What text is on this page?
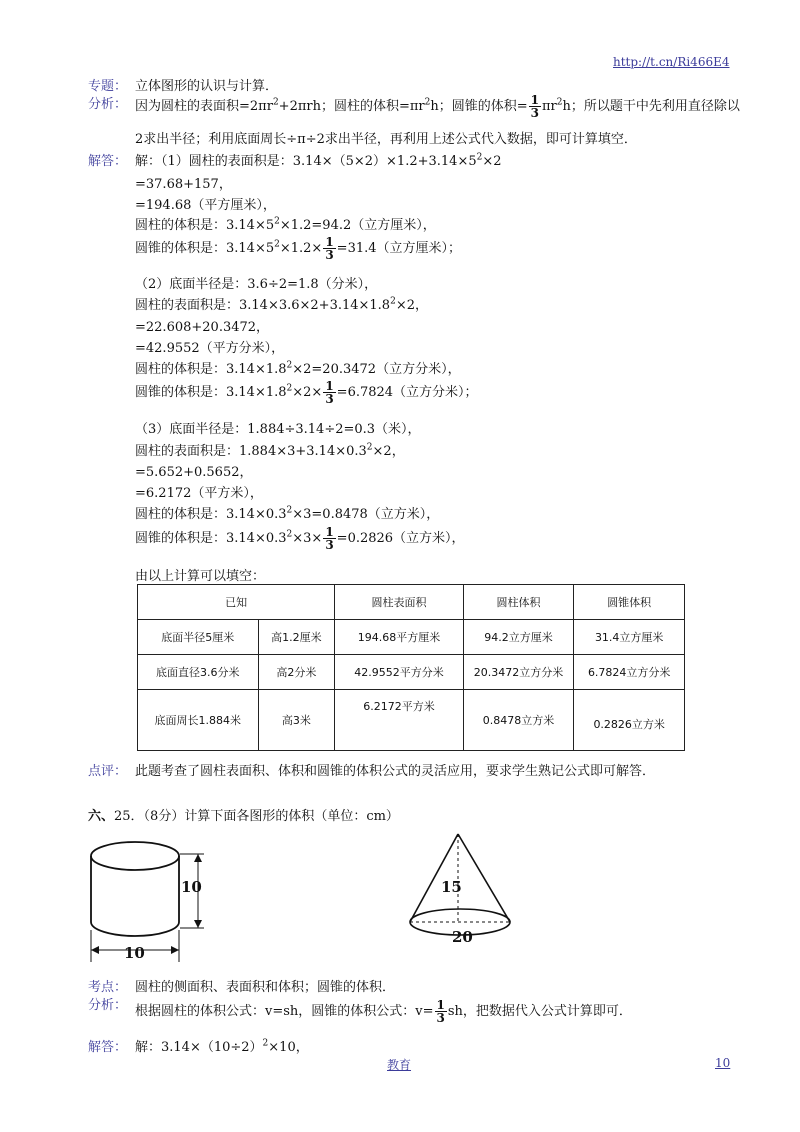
http://t.cn/Ri466E4
专题： 立体图形的认识与计算．
分析： 因为圆柱的表面积$=2\pi r^2+2\pi rh$；圆柱的体积$=\pi r^2h$；圆锥的体积= $\frac{1}{3} \pi r^2h$；所以题干中先利用直径除以
2求出半径；利用底面周长÷π÷2求出半径，再利用上述公式代入数据，即可计算填空．
解答： 解：（1）圆柱的表面积是：$3.14\times(5\times 2)\times 1.2+3.14\times 5^2\times 2$
=37.68+157，
=194.68（平方厘米），
圆柱的体积是：$3.14\times 5^2\times 1.2=94.2$（立方厘米），
圆锥的体积是：$3.14\times 5^2\times 1.2\times \frac{1}{3} =31.4$（立方厘米）；
（2）底面半径是：3.6÷2=1.8（分米），
圆柱的表面积是：$3.14\times 3.6\times 2+3.14\times 1.8^2\times 2$，
=22.608+20.3472，
=42.9552（平方分米），
圆柱的体积是：$3.14\times 1.8^2\times 2=20.3472$（立方分米），
圆锥的体积是：$3.14\times 1.8^2\times 2\times \frac{1}{3} =6.7824$（立方分米）；
（3）底面半径是：1.884÷3.14÷2=0.3（米），
圆柱的表面积是：$1.884\times 3+3.14\times 0.3^2\times 2$，
=5.652+0.5652，
=6.2172（平方米），
圆柱的体积是：$3.14\times 0.3^2\times 3=0.8478$（立方米），
圆锥的体积是：$3.14\times 0.3^2\times 3\times \frac{1}{3} =0.2826$（立方米），
由以上计算可以填空：
已知		圆柱表面积	圆柱体积	圆锥体积
底面半径5厘米	高1.2厘米	194.68平方厘米	94.2立方厘米	31.4立方厘米
底面直径3.6分米	高2分米	42.9552平方分米	20.3472立方分米	6.7824立方分米
底面周长1.884米	高3米	6.2172平方米	0.8478立方米	0.2826立方米
点评： 此题考查了圆柱表面积、体积和圆锥的体积公式的灵活应用，要求学生熟记公式即可解答．
六、25．（8分）计算下面各图形的体积（单位：cm）
10
10
15
20
考点： 圆柱的侧面积、表面积和体积；圆锥的体积．
分析： 根据圆柱的体积公式：v=sh，圆锥的体积公式：$v= \frac{1}{3}$ sh，把数据代入公式计算即可．
解答： 解：$3.14\times(10\div 2)^2\times 10$，
教育	10
